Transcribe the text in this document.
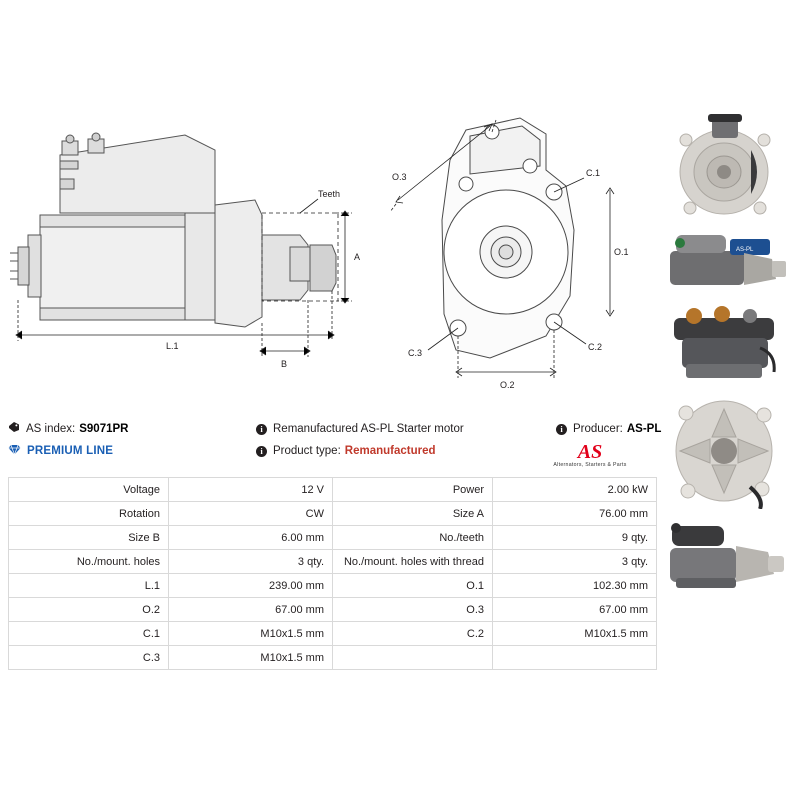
Teeth
A
L.1
B
C.1
C.2
C.3
O.3
O.1
O.2

AS-PL

AS index: S9071PR	i Remanufactured AS-PL Starter motor	i Producer: AS-PL
PREMIUM LINE	i Product type: Remanufactured	AS
Alternators, Starters & Parts
Voltage	12 V	Power	2.00 kW
Rotation	CW	Size A	76.00 mm
Size B	6.00 mm	No./teeth	9 qty.
No./mount. holes	3 qty.	No./mount. holes with thread	3 qty.
L.1	239.00 mm	O.1	102.30 mm
O.2	67.00 mm	O.3	67.00 mm
C.1	M10x1.5 mm	C.2	M10x1.5 mm
C.3	M10x1.5 mm		
